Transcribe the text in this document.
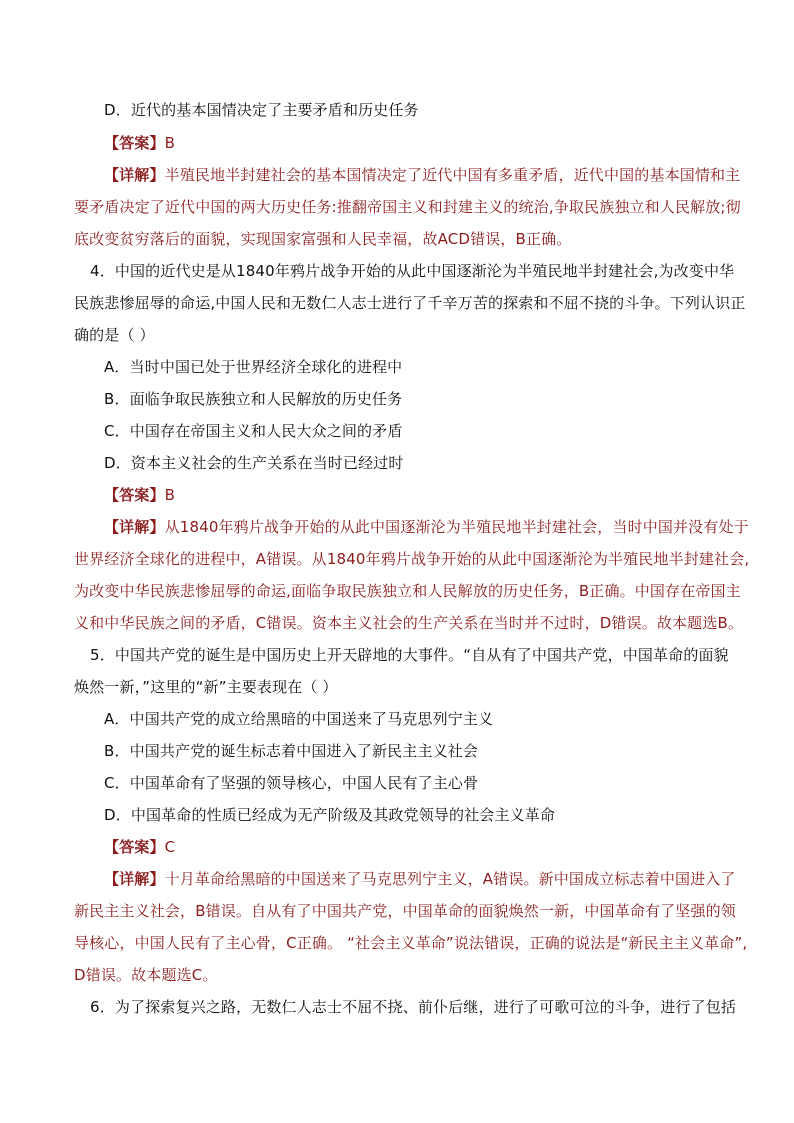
D．近代的基本国情决定了主要矛盾和历史任务
【答案】B
【详解】半殖民地半封建社会的基本国情决定了近代中国有多重矛盾，近代中国的基本国情和主
要矛盾决定了近代中国的两大历史任务:推翻帝国主义和封建主义的统治,争取民族独立和人民解放;彻
底改变贫穷落后的面貌，实现国家富强和人民幸福，故ACD错误，B正确。
4．中国的近代史是从1840年鸦片战争开始的从此中国逐渐沦为半殖民地半封建社会,为改变中华
民族悲惨屈辱的命运,中国人民和无数仁人志士进行了千辛万苦的探索和不屈不挠的斗争。下列认识正
确的是（ ）
A．当时中国已处于世界经济全球化的进程中
B．面临争取民族独立和人民解放的历史任务
C．中国存在帝国主义和人民大众之间的矛盾
D．资本主义社会的生产关系在当时已经过时
【答案】B
【详解】从1840年鸦片战争开始的从此中国逐渐沦为半殖民地半封建社会，当时中国并没有处于
世界经济全球化的进程中，A错误。从1840年鸦片战争开始的从此中国逐渐沦为半殖民地半封建社会,
为改变中华民族悲惨屈辱的命运,面临争取民族独立和人民解放的历史任务，B正确。中国存在帝国主
义和中华民族之间的矛盾，C错误。资本主义社会的生产关系在当时并不过时，D错误。故本题选B。
5．中国共产党的诞生是中国历史上开天辟地的大事件。“自从有了中国共产党，中国革命的面貌
焕然一新，”这里的“新”主要表现在（ ）
A．中国共产党的成立给黑暗的中国送来了马克思列宁主义
B．中国共产党的诞生标志着中国进入了新民主主义社会
C．中国革命有了坚强的领导核心，中国人民有了主心骨
D．中国革命的性质已经成为无产阶级及其政党领导的社会主义革命
【答案】C
【详解】十月革命给黑暗的中国送来了马克思列宁主义，A错误。新中国成立标志着中国进入了
新民主主义社会，B错误。自从有了中国共产党，中国革命的面貌焕然一新，中国革命有了坚强的领
导核心，中国人民有了主心骨，C正确。 “社会主义革命”说法错误，正确的说法是“新民主主义革命”,
D错误。故本题选C。
6．为了探索复兴之路，无数仁人志士不屈不挠、前仆后继，进行了可歌可泣的斗争，进行了包括
